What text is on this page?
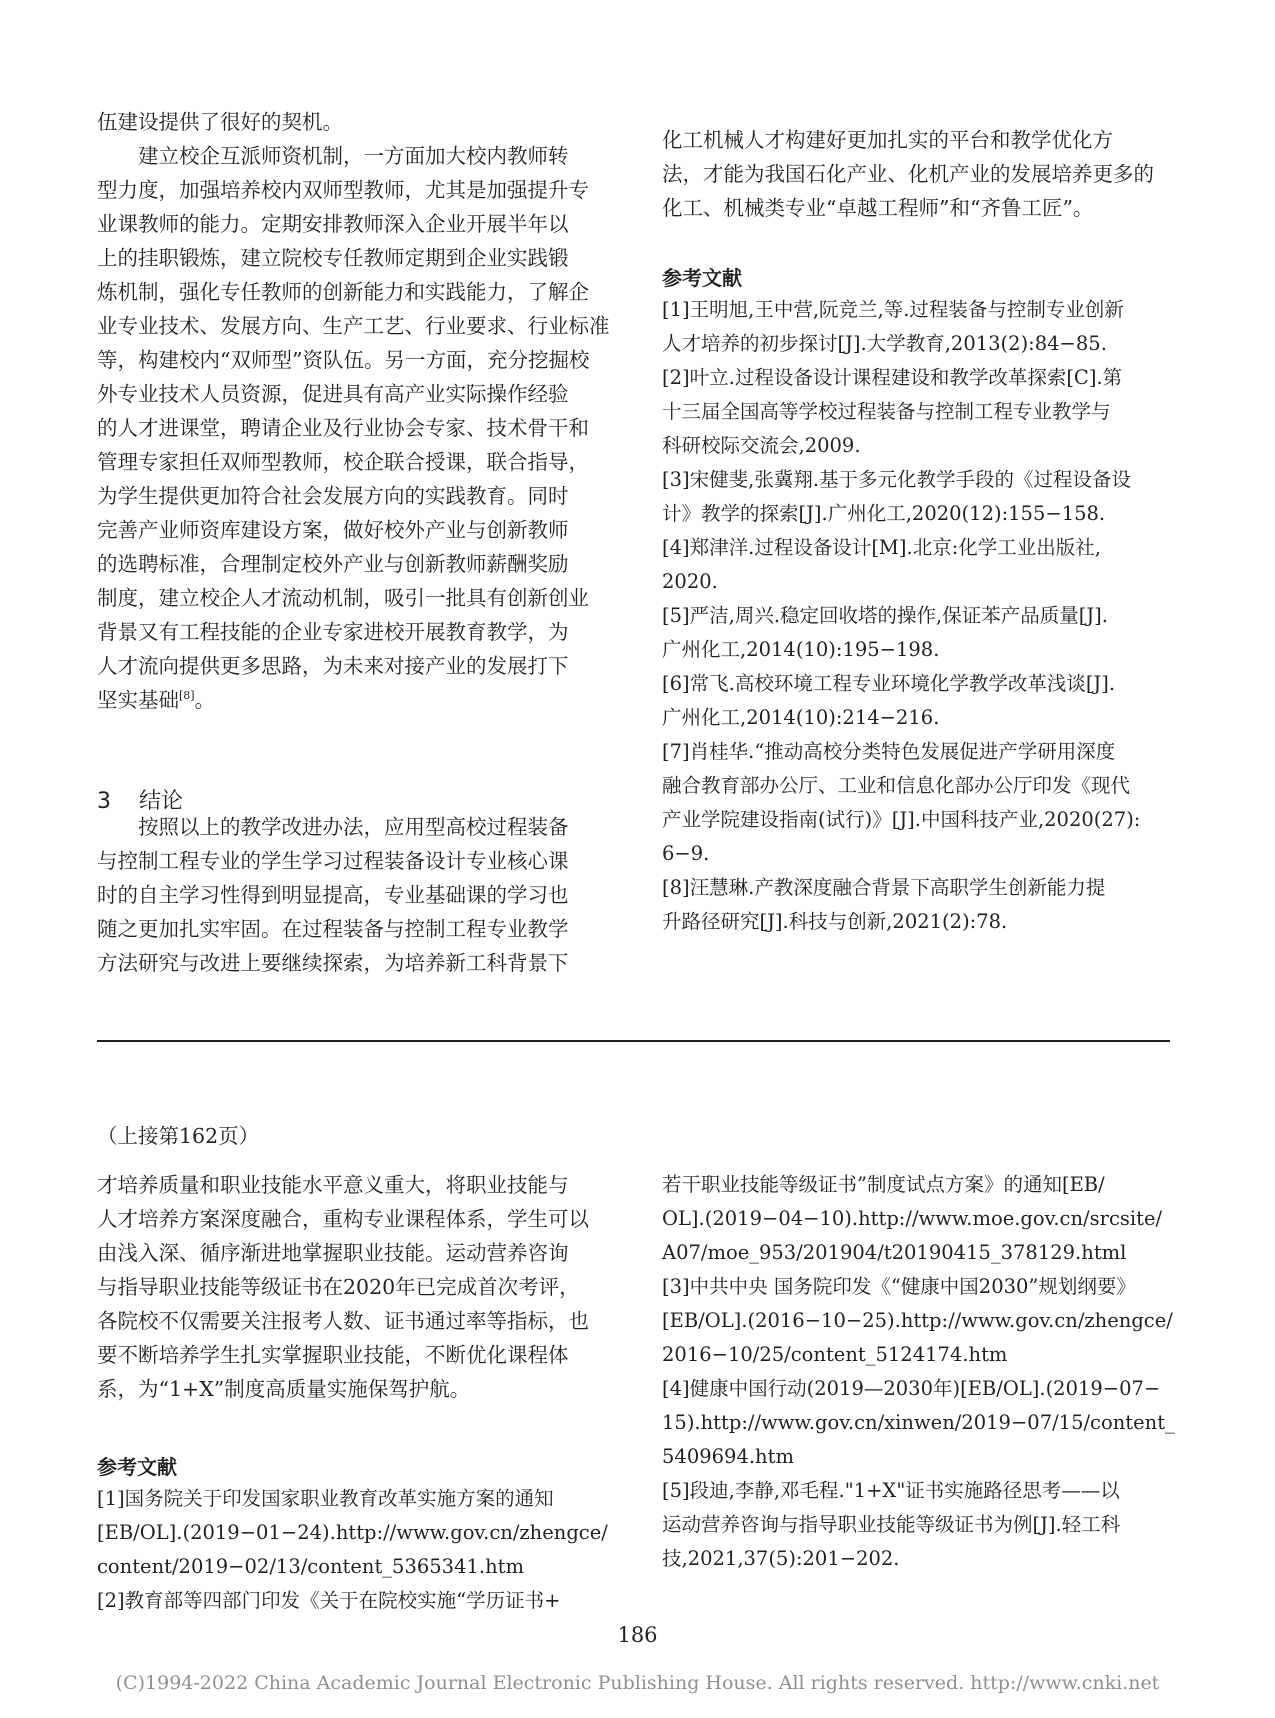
伍建设提供了很好的契机。
　　建立校企互派师资机制，一方面加大校内教师转
型力度，加强培养校内双师型教师，尤其是加强提升专
业课教师的能力。定期安排教师深入企业开展半年以
上的挂职锻炼，建立院校专任教师定期到企业实践锻
炼机制，强化专任教师的创新能力和实践能力，了解企
业专业技术、发展方向、生产工艺、行业要求、行业标准
等，构建校内“双师型”资队伍。另一方面，充分挖掘校
外专业技术人员资源，促进具有高产业实际操作经验
的人才进课堂，聘请企业及行业协会专家、技术骨干和
管理专家担任双师型教师，校企联合授课，联合指导，
为学生提供更加符合社会发展方向的实践教育。同时
完善产业师资库建设方案，做好校外产业与创新教师
的选聘标准，合理制定校外产业与创新教师薪酬奖励
制度，建立校企人才流动机制，吸引一批具有创新创业
背景又有工程技能的企业专家进校开展教育教学，为
人才流向提供更多思路，为未来对接产业的发展打下
坚实基础[8]。
3 结论
　　按照以上的教学改进办法，应用型高校过程装备
与控制工程专业的学生学习过程装备设计专业核心课
时的自主学习性得到明显提高，专业基础课的学习也
随之更加扎实牢固。在过程装备与控制工程专业教学
方法研究与改进上要继续探索，为培养新工科背景下
化工机械人才构建好更加扎实的平台和教学优化方
法，才能为我国石化产业、化机产业的发展培养更多的
化工、机械类专业“卓越工程师”和“齐鲁工匠”。
参考文献
[1]王明旭,王中营,阮竞兰,等.过程装备与控制专业创新
人才培养的初步探讨[J].大学教育,2013(2):84−85.
[2]叶立.过程设备设计课程建设和教学改革探索[C].第
十三届全国高等学校过程装备与控制工程专业教学与
科研校际交流会,2009.
[3]宋健斐,张冀翔.基于多元化教学手段的《过程设备设
计》教学的探索[J].广州化工,2020(12):155−158.
[4]郑津洋.过程设备设计[M].北京:化学工业出版社,
2020.
[5]严洁,周兴.稳定回收塔的操作,保证苯产品质量[J].
广州化工,2014(10):195−198.
[6]常飞.高校环境工程专业环境化学教学改革浅谈[J].
广州化工,2014(10):214−216.
[7]肖桂华.“推动高校分类特色发展促进产学研用深度
融合教育部办公厅、工业和信息化部办公厅印发《现代
产业学院建设指南(试行)》[J].中国科技产业,2020(27):
6−9.
[8]汪慧琳.产教深度融合背景下高职学生创新能力提
升路径研究[J].科技与创新,2021(2):78.
（上接第162页）
才培养质量和职业技能水平意义重大，将职业技能与
人才培养方案深度融合，重构专业课程体系，学生可以
由浅入深、循序渐进地掌握职业技能。运动营养咨询
与指导职业技能等级证书在2020年已完成首次考评，
各院校不仅需要关注报考人数、证书通过率等指标，也
要不断培养学生扎实掌握职业技能，不断优化课程体
系，为“1+X”制度高质量实施保驾护航。
参考文献
[1]国务院关于印发国家职业教育改革实施方案的通知
[EB/OL].(2019−01−24).http://www.gov.cn/zhengce/
content/2019−02/13/content_5365341.htm
[2]教育部等四部门印发《关于在院校实施“学历证书+
若干职业技能等级证书”制度试点方案》的通知[EB/
OL].(2019−04−10).http://www.moe.gov.cn/srcsite/
A07/moe_953/201904/t20190415_378129.html
[3]中共中央 国务院印发《“健康中国2030”规划纲要》
[EB/OL].(2016−10−25).http://www.gov.cn/zhengce/
2016−10/25/content_5124174.htm
[4]健康中国行动(2019—2030年)[EB/OL].(2019−07−
15).http://www.gov.cn/xinwen/2019−07/15/content_
5409694.htm
[5]段迪,李静,邓毛程."1+X"证书实施路径思考——以
运动营养咨询与指导职业技能等级证书为例[J].轻工科
技,2021,37(5):201−202.
186
(C)1994-2022 China Academic Journal Electronic Publishing House. All rights reserved. http://www.cnki.net
